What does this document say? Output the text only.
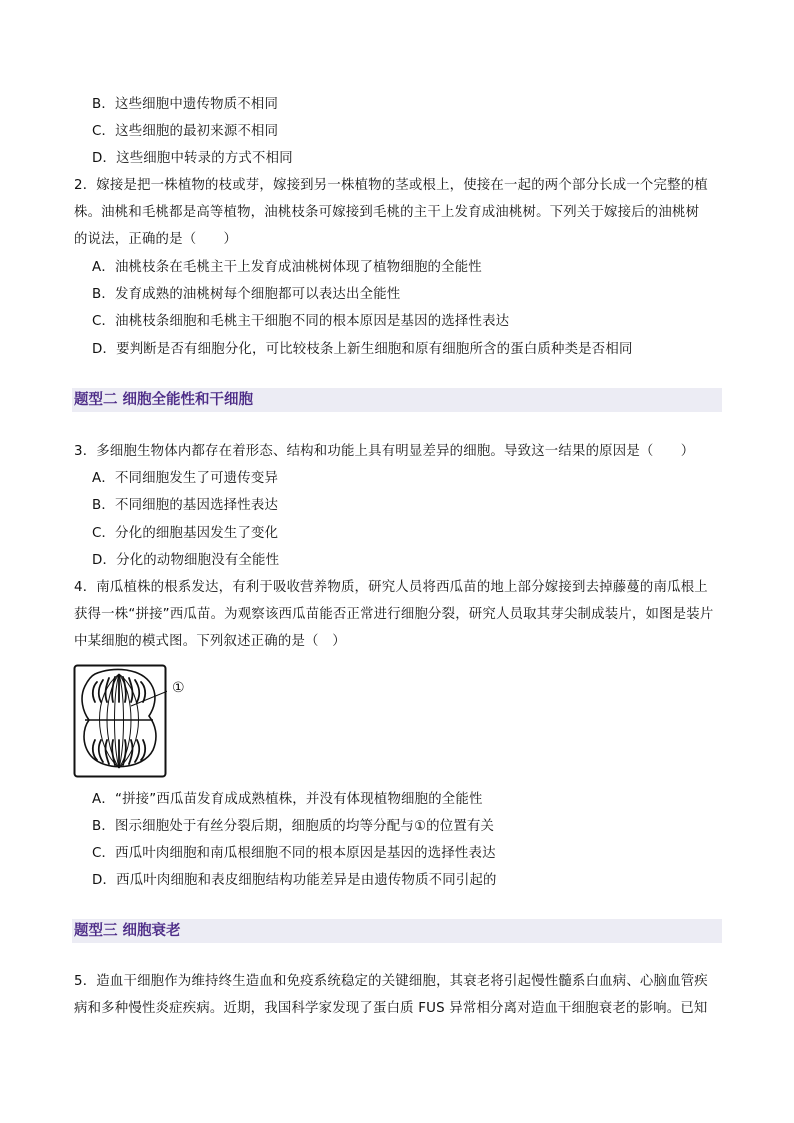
B．这些细胞中遗传物质不相同
C．这些细胞的最初来源不相同
D．这些细胞中转录的方式不相同
2．嫁接是把一株植物的枝或芽，嫁接到另一株植物的茎或根上，使接在一起的两个部分长成一个完整的植
株。油桃和毛桃都是高等植物，油桃枝条可嫁接到毛桃的主干上发育成油桃树。下列关于嫁接后的油桃树
的说法，正确的是（　　）
A．油桃枝条在毛桃主干上发育成油桃树体现了植物细胞的全能性
B．发育成熟的油桃树每个细胞都可以表达出全能性
C．油桃枝条细胞和毛桃主干细胞不同的根本原因是基因的选择性表达
D．要判断是否有细胞分化，可比较枝条上新生细胞和原有细胞所含的蛋白质种类是否相同
题型二 细胞全能性和干细胞
3．多细胞生物体内都存在着形态、结构和功能上具有明显差异的细胞。导致这一结果的原因是（　　）
A．不同细胞发生了可遗传变异
B．不同细胞的基因选择性表达
C．分化的细胞基因发生了变化
D．分化的动物细胞没有全能性
4．南瓜植株的根系发达，有利于吸收营养物质，研究人员将西瓜苗的地上部分嫁接到去掉藤蔓的南瓜根上
获得一株“拼接”西瓜苗。为观察该西瓜苗能否正常进行细胞分裂，研究人员取其芽尖制成装片，如图是装片
中某细胞的模式图。下列叙述正确的是（　）
①
A．“拼接”西瓜苗发育成成熟植株，并没有体现植物细胞的全能性
B．图示细胞处于有丝分裂后期，细胞质的均等分配与①的位置有关
C．西瓜叶肉细胞和南瓜根细胞不同的根本原因是基因的选择性表达
D．西瓜叶肉细胞和表皮细胞结构功能差异是由遗传物质不同引起的
题型三 细胞衰老
5．造血干细胞作为维持终生造血和免疫系统稳定的关键细胞，其衰老将引起慢性髓系白血病、心脑血管疾
病和多种慢性炎症疾病。近期，我国科学家发现了蛋白质 FUS 异常相分离对造血干细胞衰老的影响。已知
